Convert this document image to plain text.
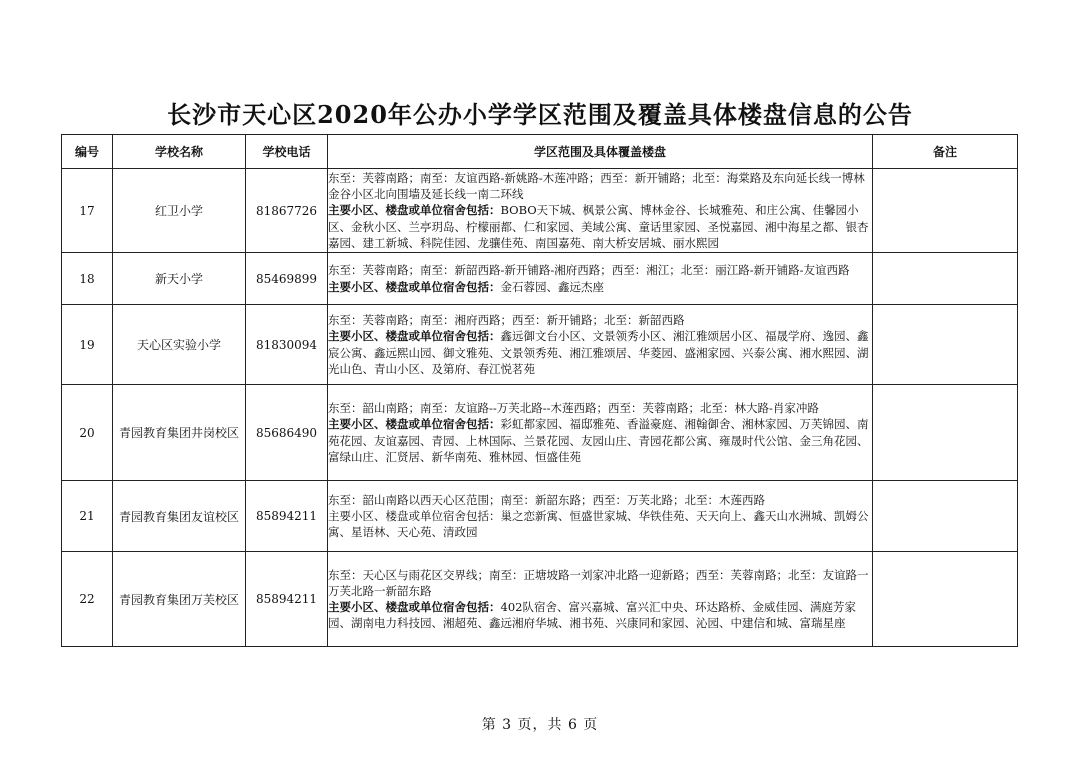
长沙市天心区2020年公办小学学区范围及覆盖具体楼盘信息的公告
编号	学校名称	学校电话	学区范围及具体覆盖楼盘	备注
17	红卫小学	81867726	东至：芙蓉南路；南至：友谊西路-新姚路-木莲冲路；西至：新开铺路；北至：海棠路及东向延长线一博林金谷小区北向围墙及延长线一南二环线
主要小区、楼盘或单位宿舍包括：BOBO天下城、枫景公寓、博林金谷、长城雅苑、和庄公寓、佳馨园小区、金秋小区、兰亭玥岛、柠檬丽都、仁和家园、美域公寓、童话里家园、圣悦嘉园、湘中海星之都、银杏嘉园、建工新城、科院佳园、龙骧佳苑、南国嘉苑、南大桥安居城、丽水熙园	

18	新天小学	85469899	东至：芙蓉南路；南至：新韶西路-新开铺路-湘府西路；西至：湘江；北至：丽江路-新开铺路-友谊西路
主要小区、楼盘或单位宿舍包括：金石蓉园、鑫远杰座	

19	天心区实验小学	81830094	东至：芙蓉南路；南至：湘府西路；西至：新开铺路；北至：新韶西路
主要小区、楼盘或单位宿舍包括：鑫远御文台小区、文景领秀小区、湘江雅颂居小区、福晟学府、逸园、鑫宸公寓、鑫远熙山园、御文雅苑、文景领秀苑、湘江雅颂居、华菱园、盛湘家园、兴泰公寓、湘水熙园、湖光山色、青山小区、及第府、春江悦茗苑	

20	青园教育集团井岗校区	85686490	东至：韶山南路；南至：友谊路--万芙北路--木莲西路；西至：芙蓉南路；北至：林大路-肖家冲路
主要小区、楼盘或单位宿舍包括：彩虹都家园、福邸雅苑、香溢豪庭、湘翰御舍、湘林家园、万芙锦园、南苑花园、友谊嘉园、青园、上林国际、兰景花园、友园山庄、青园花都公寓、雍晟时代公馆、金三角花园、富绿山庄、汇贤居、新华南苑、雅林园、恒盛佳苑	

21	青园教育集团友谊校区	85894211	东至：韶山南路以西天心区范围；南至：新韶东路；西至：万芙北路；北至：木莲西路
主要小区、楼盘或单位宿舍包括：巢之恋新寓、恒盛世家城、华铁佳苑、天天向上、鑫天山水洲城、凯姆公寓、星语林、天心苑、清政园	

22	青园教育集团万芙校区	85894211	东至：天心区与雨花区交界线；南至：正塘坡路一刘家冲北路一迎新路；西至：芙蓉南路；北至：友谊路一万芙北路一新韶东路
主要小区、楼盘或单位宿舍包括：402队宿舍、富兴嘉城、富兴汇中央、环达路桥、金威佳园、满庭芳家园、湖南电力科技园、湘超苑、鑫远湘府华城、湘书苑、兴康同和家园、沁园、中建信和城、富瑞星座	

第 3 页，共 6 页
